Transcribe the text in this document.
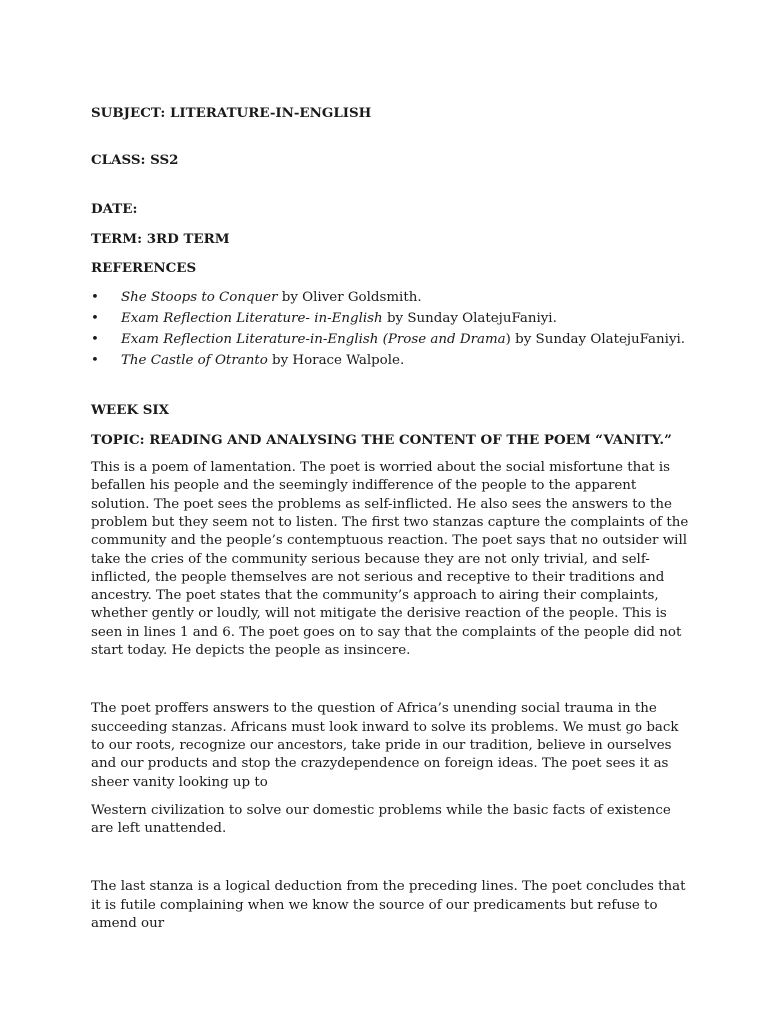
SUBJECT: LITERATURE-IN-ENGLISH
CLASS: SS2
DATE:
TERM: 3RD TERM
REFERENCES
• She Stoops to Conquer by Oliver Goldsmith.
• Exam Reflection Literature- in-English by Sunday OlatejuFaniyi.
• Exam Reflection Literature-in-English (Prose and Drama) by Sunday OlatejuFaniyi.
• The Castle of Otranto by Horace Walpole.
WEEK SIX
TOPIC: READING AND ANALYSING THE CONTENT OF THE POEM “VANITY.”

This is a poem of lamentation. The poet is worried about the social misfortune that is befallen his people and the seemingly indifference of the people to the apparent solution. The poet sees the problems as self-inflicted. He also sees the answers to the problem but they seem not to listen. The first two stanzas capture the complaints of the community and the people’s contemptuous reaction. The poet says that no outsider will take the cries of the community serious because they are not only trivial, and self-inflicted, the people themselves are not serious and receptive to their traditions and ancestry. The poet states that the community’s approach to airing their complaints, whether gently or loudly, will not mitigate the derisive reaction of the people. This is seen in lines 1 and 6. The poet goes on to say that the complaints of the people did not start today. He depicts the people as insincere.

The poet proffers answers to the question of Africa’s unending social trauma in the succeeding stanzas. Africans must look inward to solve its problems. We must go back to our roots, recognize our ancestors, take pride in our tradition, believe in ourselves and our products and stop the crazydependence on foreign ideas. The poet sees it as sheer vanity looking up to

Western civilization to solve our domestic problems while the basic facts of existence are left unattended.

The last stanza is a logical deduction from the preceding lines. The poet concludes that it is futile complaining when we know the source of our predicaments but refuse to amend our
